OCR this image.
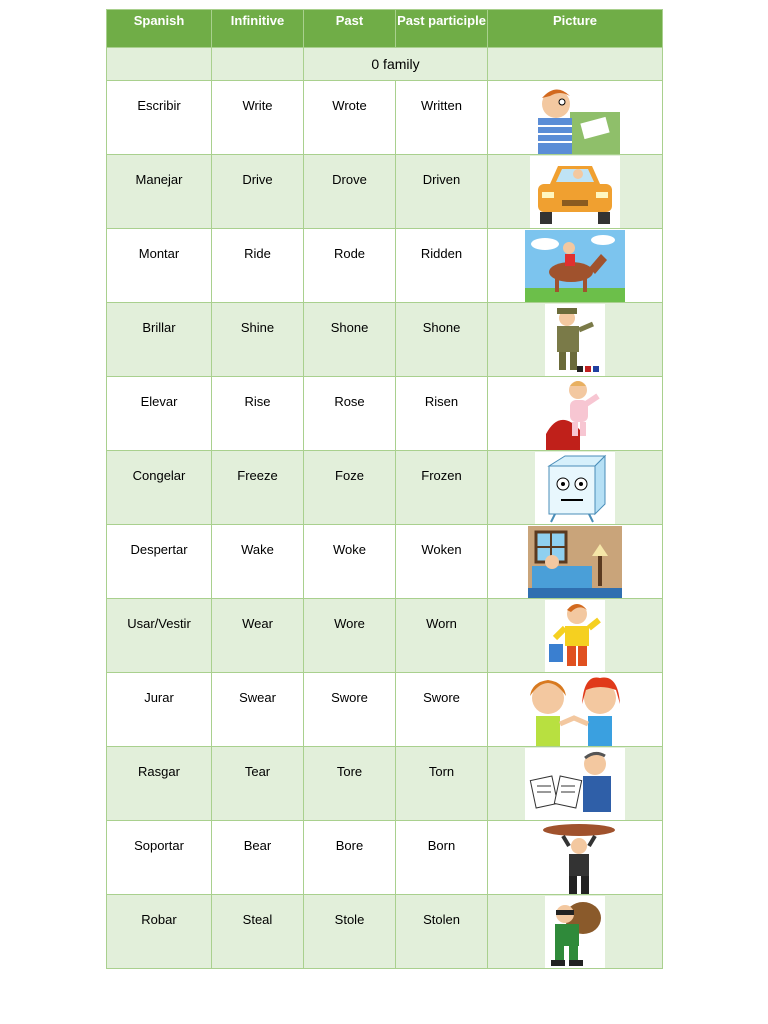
Spanish	Infinitive	Past	Past participle	Picture
		0 family		

Escribir	Write	Wrote	Written

Manejar	Drive	Drove	Driven

Montar	Ride	Rode	Ridden

Brillar	Shine	Shone	Shone

Elevar	Rise	Rose	Risen

Congelar	Freeze	Foze	Frozen

Despertar	Wake	Woke	Woken

Usar/Vestir	Wear	Wore	Worn

Jurar	Swear	Swore	Swore

Rasgar	Tear	Tore	Torn

Soportar	Bear	Bore	Born

Robar	Steal	Stole	Stolen
